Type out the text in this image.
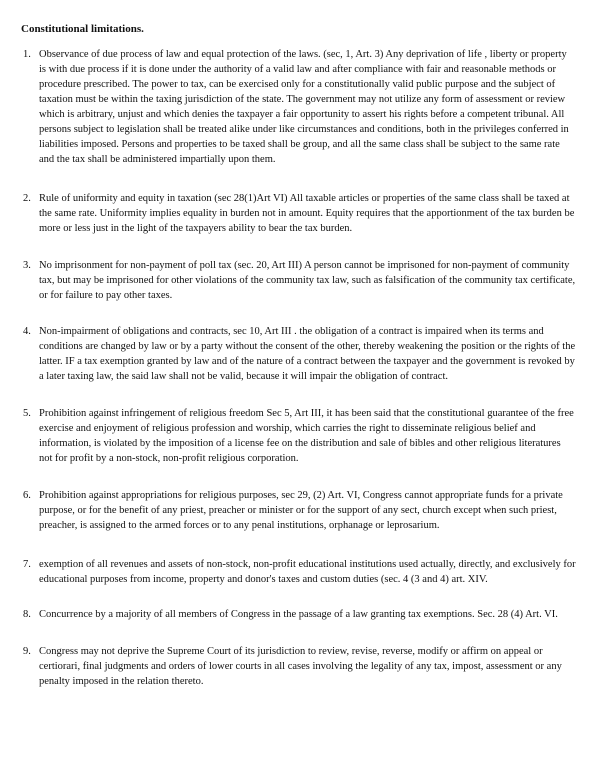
Constitutional limitations.
1. Observance of due process of law and equal protection of the laws. (sec, 1, Art. 3) Any deprivation of life , liberty or property is with due process if it is done under the authority of a valid law and after compliance with fair and reasonable methods or procedure prescribed. The power to tax, can be exercised only for a constitutionally valid public purpose and the subject of taxation must be within the taxing jurisdiction of the state. The government may not utilize any form of assessment or review which is arbitrary, unjust and which denies the taxpayer a fair opportunity to assert his rights before a competent tribunal. All persons subject to legislation shall be treated alike under like circumstances and conditions, both in the privileges conferred in liabilities imposed. Persons and properties to be taxed shall be group, and all the same class shall be subject to the same rate and the tax shall be administered impartially upon them.
2. Rule of uniformity and equity in taxation (sec 28(1)Art VI) All taxable articles or properties of the same class shall be taxed at the same rate. Uniformity implies equality in burden not in amount. Equity requires that the apportionment of the tax burden be more or less just in the light of the taxpayers ability to bear the tax burden.
3. No imprisonment for non-payment of poll tax (sec. 20, Art III) A person cannot be imprisoned for non-payment of community tax, but may be imprisoned for other violations of the community tax law, such as falsification of the community tax certificate, or for failure to pay other taxes.
4. Non-impairment of obligations and contracts, sec 10, Art III . the obligation of a contract is impaired when its terms and conditions are changed by law or by a party without the consent of the other, thereby weakening the position or the rights of the latter. IF a tax exemption granted by law and of the nature of a contract between the taxpayer and the government is revoked by a later taxing law, the said law shall not be valid, because it will impair the obligation of contract.
5. Prohibition against infringement of religious freedom Sec 5, Art III, it has been said that the constitutional guarantee of the free exercise and enjoyment of religious profession and worship, which carries the right to disseminate religious belief and information, is violated by the imposition of a license fee on the distribution and sale of bibles and other religious literatures not for profit by a non-stock, non-profit religious corporation.
6. Prohibition against appropriations for religious purposes, sec 29, (2) Art. VI, Congress cannot appropriate funds for a private purpose, or for the benefit of any priest, preacher or minister or for the support of any sect, church except when such priest, preacher, is assigned to the armed forces or to any penal institutions, orphanage or leprosarium.
7. exemption of all revenues and assets of non-stock, non-profit educational institutions used actually, directly, and exclusively for educational purposes from income, property and donor's taxes and custom duties (sec. 4 (3 and 4) art. XIV.
8. Concurrence by a majority of all members of Congress in the passage of a law granting tax exemptions. Sec. 28 (4) Art. VI.
9. Congress may not deprive the Supreme Court of its jurisdiction to review, revise, reverse, modify or affirm on appeal or certiorari, final judgments and orders of lower courts in all cases involving the legality of any tax, impost, assessment or any penalty imposed in the relation thereto.
